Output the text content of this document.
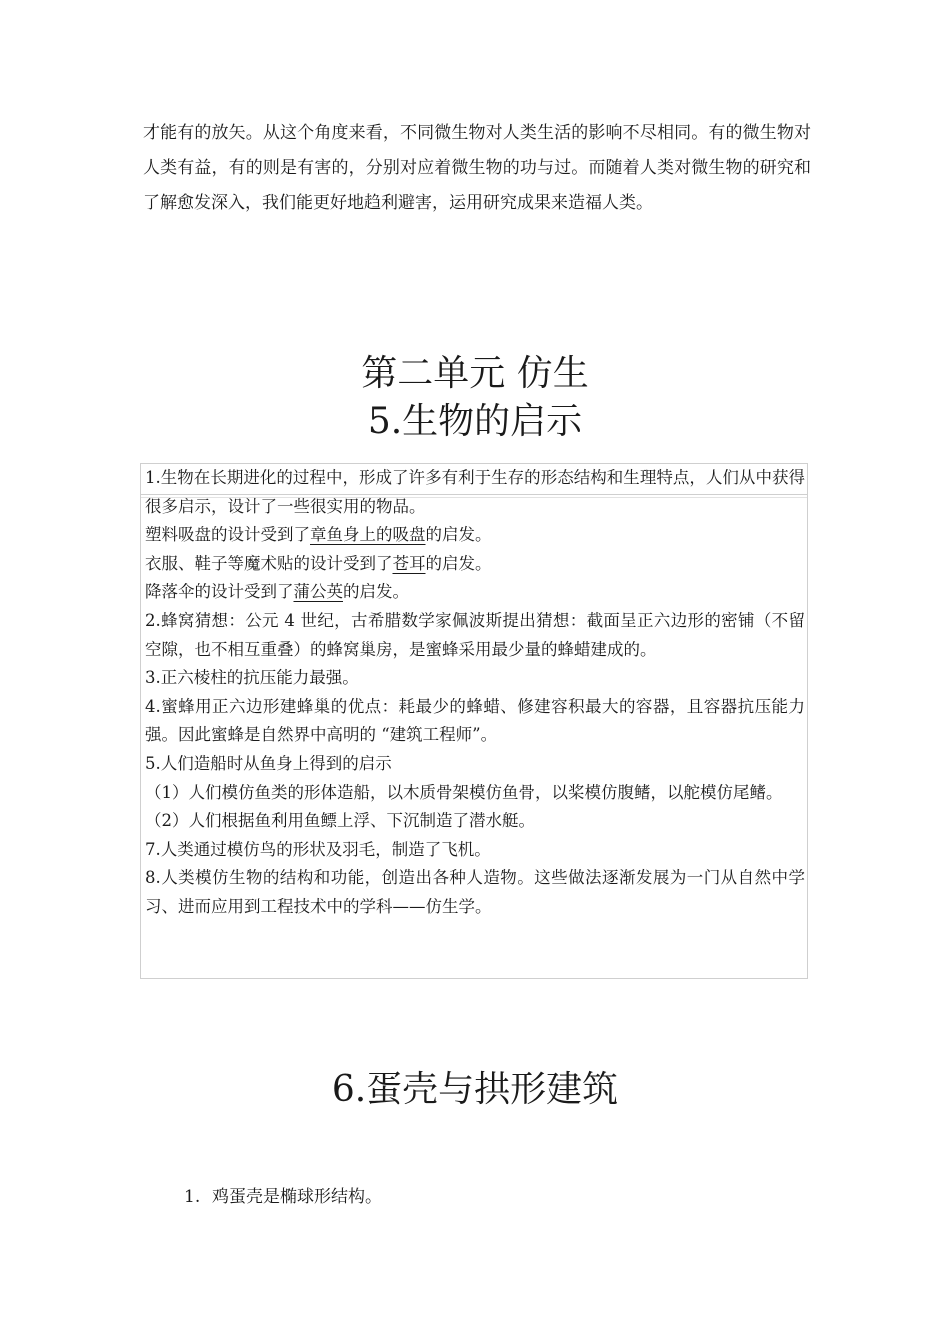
才能有的放矢。从这个角度来看，不同微生物对人类生活的影响不尽相同。有的微生物对人类有益，有的则是有害的，分别对应着微生物的功与过。而随着人类对微生物的研究和了解愈发深入，我们能更好地趋利避害，运用研究成果来造福人类。
第二单元 仿生
5.生物的启示

1.生物在长期进化的过程中，形成了许多有利于生存的形态结构和生理特点，人们从中获得很多启示，设计了一些很实用的物品。

塑料吸盘的设计受到了章鱼身上的吸盘的启发。

衣服、鞋子等魔术贴的设计受到了苍耳的启发。

降落伞的设计受到了蒲公英的启发。

2.蜂窝猜想：公元 4 世纪，古希腊数学家佩波斯提出猜想：截面呈正六边形的密铺（不留空隙，也不相互重叠）的蜂窝巢房，是蜜蜂采用最少量的蜂蜡建成的。

3.正六棱柱的抗压能力最强。

4.蜜蜂用正六边形建蜂巢的优点：耗最少的蜂蜡、修建容积最大的容器，且容器抗压能力强。因此蜜蜂是自然界中高明的 “建筑工程师”。

5.人们造船时从鱼身上得到的启示

（1）人们模仿鱼类的形体造船，以木质骨架模仿鱼骨，以桨模仿腹鳍，以舵模仿尾鳍。

（2）人们根据鱼利用鱼鳔上浮、下沉制造了潜水艇。

7.人类通过模仿鸟的形状及羽毛，制造了飞机。

8.人类模仿生物的结构和功能，创造出各种人造物。这些做法逐渐发展为一门从自然中学习、进而应用到工程技术中的学科——仿生学。

6.蛋壳与拱形建筑
1. 鸡蛋壳是椭球形结构。
